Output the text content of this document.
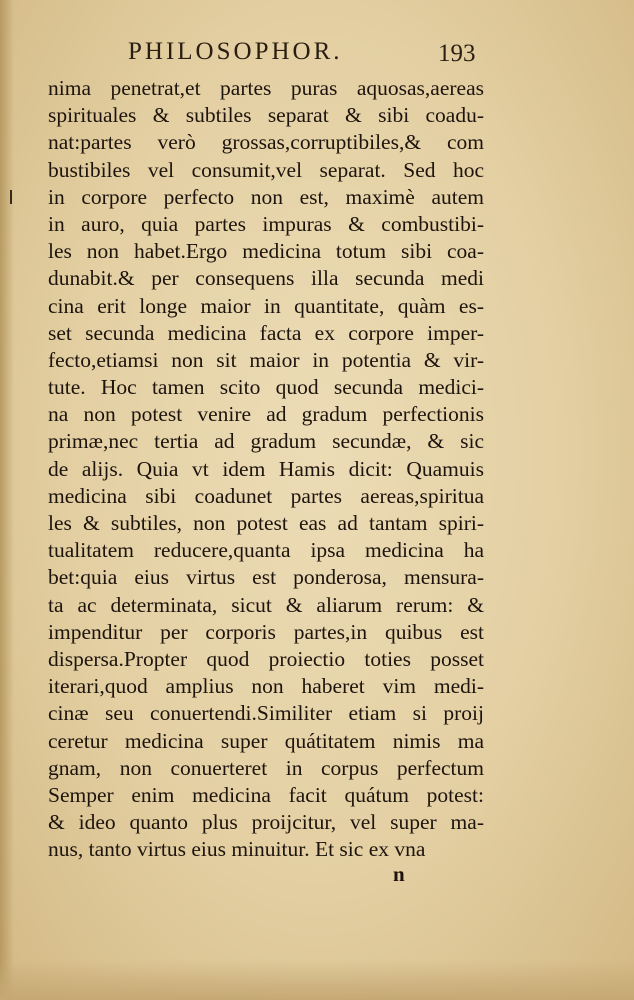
PHILOSOPHOR.	193
nima penetrat,et partes puras aquosas,aereas
spirituales & subtiles separat & sibi coadu-
nat:partes verò grossas,corruptibiles,& com
bustibiles vel consumit,vel separat. Sed hoc
in corpore perfecto non est, maximè autem
in auro, quia partes impuras & combustibi-
les non habet.Ergo medicina totum sibi coa-
dunabit.& per consequens illa secunda medi
cina erit longe maior in quantitate, quàm es-
set secunda medicina facta ex corpore imper-
fecto,etiamsi non sit maior in potentia & vir-
tute. Hoc tamen scito quod secunda medici-
na non potest venire ad gradum perfectionis
primæ,nec tertia ad gradum secundæ, & sic
de alijs. Quia vt idem Hamis dicit: Quamuis
medicina sibi coadunet partes aereas,spiritua
les & subtiles, non potest eas ad tantam spiri-
tualitatem reducere,quanta ipsa medicina ha
bet:quia eius virtus est ponderosa, mensura-
ta ac determinata, sicut & aliarum rerum: &
impenditur per corporis partes,in quibus est
dispersa.Propter quod proiectio toties posset
iterari,quod amplius non haberet vim medi-
cinæ seu conuertendi.Similiter etiam si proij
ceretur medicina super quátitatem nimis ma
gnam, non conuerteret in corpus perfectum
Semper enim medicina facit quátum potest:
& ideo quanto plus proijcitur, vel super ma-
nus, tanto virtus eius minuitur. Et sic ex vna
n
